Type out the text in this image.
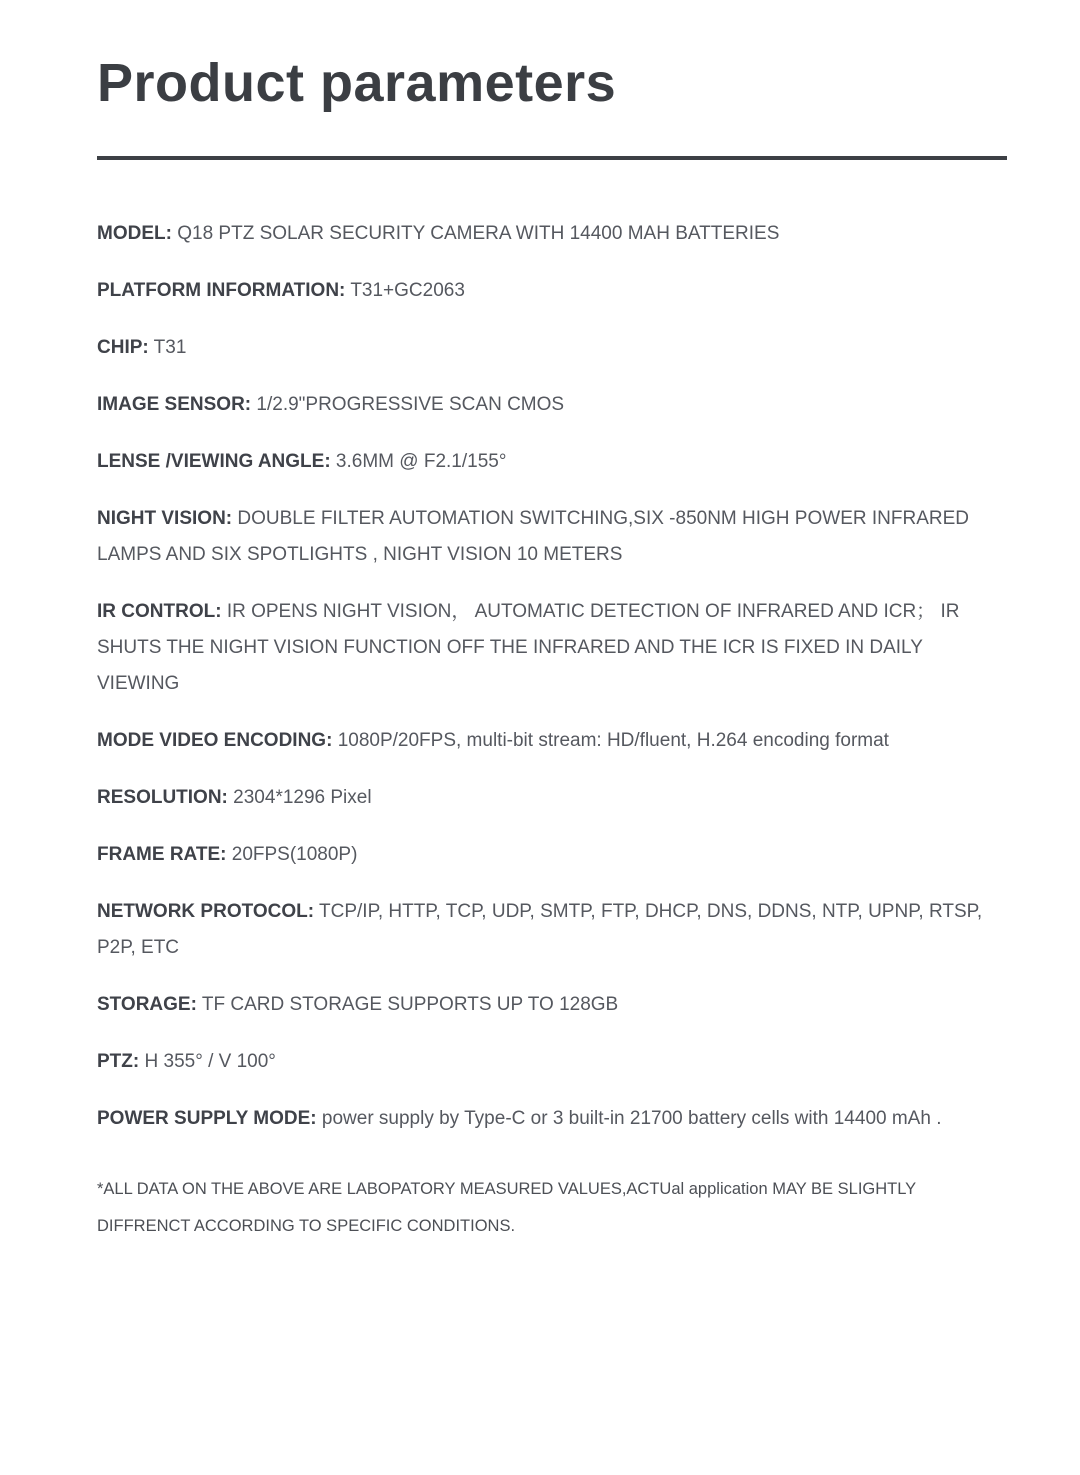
Product parameters

MODEL: Q18 PTZ SOLAR SECURITY CAMERA WITH 14400 MAH BATTERIES

PLATFORM INFORMATION: T31+GC2063

CHIP: T31

IMAGE SENSOR: 1/2.9"PROGRESSIVE SCAN CMOS

LENSE /VIEWING ANGLE: 3.6MM @ F2.1/155°

NIGHT VISION: DOUBLE FILTER AUTOMATION SWITCHING,SIX -850NM HIGH POWER INFRARED LAMPS AND SIX SPOTLIGHTS , NIGHT VISION 10 METERS

IR CONTROL: IR OPENS NIGHT VISION， AUTOMATIC DETECTION OF INFRARED AND ICR； IR SHUTS THE NIGHT VISION FUNCTION OFF THE INFRARED AND THE ICR IS FIXED IN DAILY VIEWING

MODE VIDEO ENCODING: 1080P/20FPS, multi-bit stream: HD/fluent, H.264 encoding format

RESOLUTION: 2304*1296 Pixel

FRAME RATE: 20FPS(1080P)

NETWORK PROTOCOL: TCP/IP, HTTP, TCP, UDP, SMTP, FTP, DHCP, DNS, DDNS, NTP, UPNP, RTSP, P2P, ETC

STORAGE: TF CARD STORAGE SUPPORTS UP TO 128GB

PTZ: H 355° / V 100°

POWER SUPPLY MODE: power supply by Type-C or 3 built-in 21700 battery cells with 14400 mAh .

*ALL DATA ON THE ABOVE ARE LABOPATORY MEASURED VALUES,ACTUal application MAY BE SLIGHTLY DIFFRENCT ACCORDING TO SPECIFIC CONDITIONS.
